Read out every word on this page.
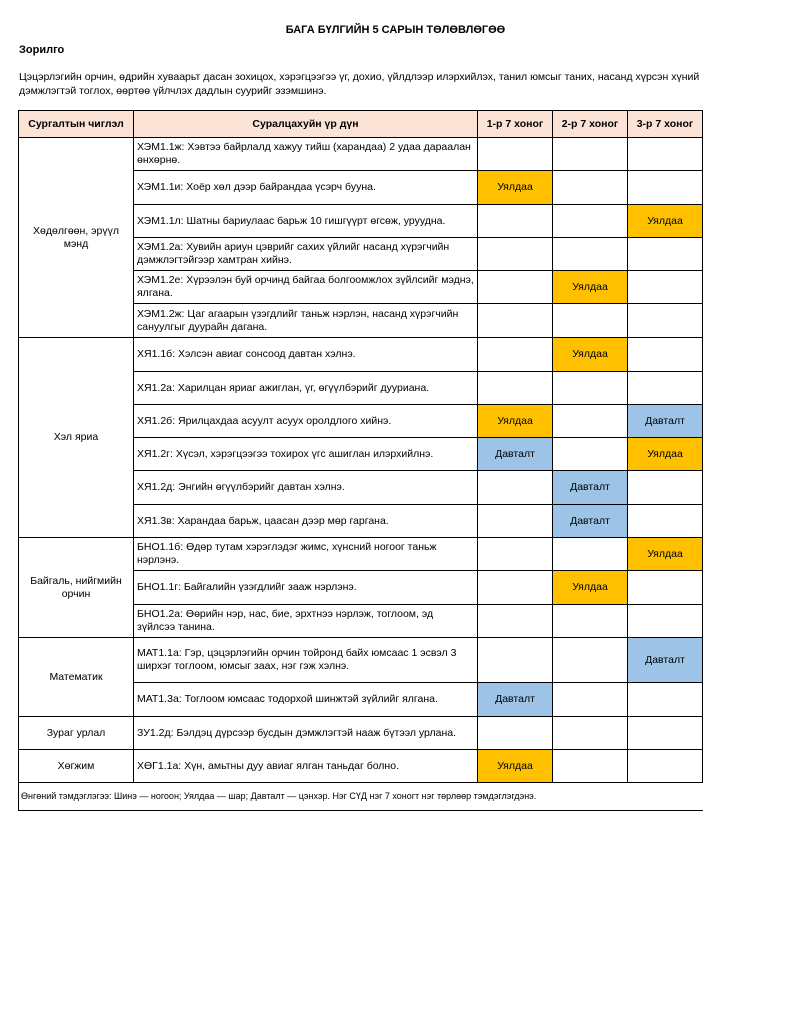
БАГА БҮЛГИЙН 5 САРЫН ТӨЛӨВЛӨГӨӨ

Зорилго

Цэцэрлэгийн орчин, өдрийн хуваарьт дасан зохицох, хэрэгцээгээ үг, дохио, үйлдлээр илэрхийлэх, танил юмсыг таних, насанд хүрсэн хүний дэмжлэгтэй тоглох, өөртөө үйлчлэх дадлын суурийг эзэмшинэ.

Сургалтын чиглэл	Суралцахуйн үр дүн	1-р 7 хоног	2-р 7 хоног	3-р 7 хоног
Хөдөлгөөн, эрүүл мэнд	ХЭМ1.1ж: Хэвтээ байрлалд хажуу тийш (харандаа) 2 удаа дараалан өнхөрнө.			
	ХЭМ1.1и: Хоёр хөл дээр байрандаа үсэрч бууна.	Уялдаа		
	ХЭМ1.1л: Шатны бариулаас барьж 10 гишгүүрт өгсөж, уруудна.			Уялдаа
	ХЭМ1.2а: Хувийн ариун цэврийг сахих үйлийг насанд хүрэгчийн дэмжлэгтэйгээр хамтран хийнэ.			
	ХЭМ1.2е: Хүрээлэн буй орчинд байгаа болгоомжлох зүйлсийг мэднэ, ялгана.		Уялдаа	
	ХЭМ1.2ж: Цаг агаарын үзэгдлийг таньж нэрлэн, насанд хүрэгчийн сануулгыг дуурайн дагана.			
Хэл яриа	ХЯ1.1б: Хэлсэн авиаг сонсоод давтан хэлнэ.		Уялдаа	
	ХЯ1.2а: Харилцан яриаг ажиглан, үг, өгүүлбэрийг дууриана.			
	ХЯ1.2б: Ярилцахдаа асуулт асуух оролдлого хийнэ.	Уялдаа		Давталт
	ХЯ1.2г: Хүсэл, хэрэгцээгээ тохирох үгс ашиглан илэрхийлнэ.	Давталт		Уялдаа
	ХЯ1.2д: Энгийн өгүүлбэрийг давтан хэлнэ.		Давталт	
	ХЯ1.3в: Харандаа барьж, цаасан дээр мөр гаргана.		Давталт	
Байгаль, нийгмийн орчин	БНО1.1б: Өдөр тутам хэрэглэдэг жимс, хүнсний ногоог таньж нэрлэнэ.			Уялдаа
	БНО1.1г: Байгалийн үзэгдлийг зааж нэрлэнэ.		Уялдаа	
	БНО1.2а: Өөрийн нэр, нас, бие, эрхтнээ нэрлэж, тоглоом, эд зүйлсээ танина.			
Математик	МАТ1.1а: Гэр, цэцэрлэгийн орчин тойронд байх юмсаас 1 эсвэл 3 ширхэг тоглоом, юмсыг заах, нэг гэж хэлнэ.			Давталт
	МАТ1.3а: Тоглоом юмсаас тодорхой шинжтэй зүйлийг ялгана.	Давталт		
Зураг урлал	ЗУ1.2д: Бэлдэц дүрсээр бусдын дэмжлэгтэй нааж бүтээл урлана.			
Хөгжим	ХӨГ1.1а: Хүн, амьтны дуу авиаг ялган таньдаг болно.	Уялдаа		
Өнгөний тэмдэглэгээ: Шинэ — ногоон; Уялдаа — шар; Давталт — цэнхэр. Нэг СҮД нэг 7 хоногт нэг төрлөөр тэмдэглэгдэнэ.				
